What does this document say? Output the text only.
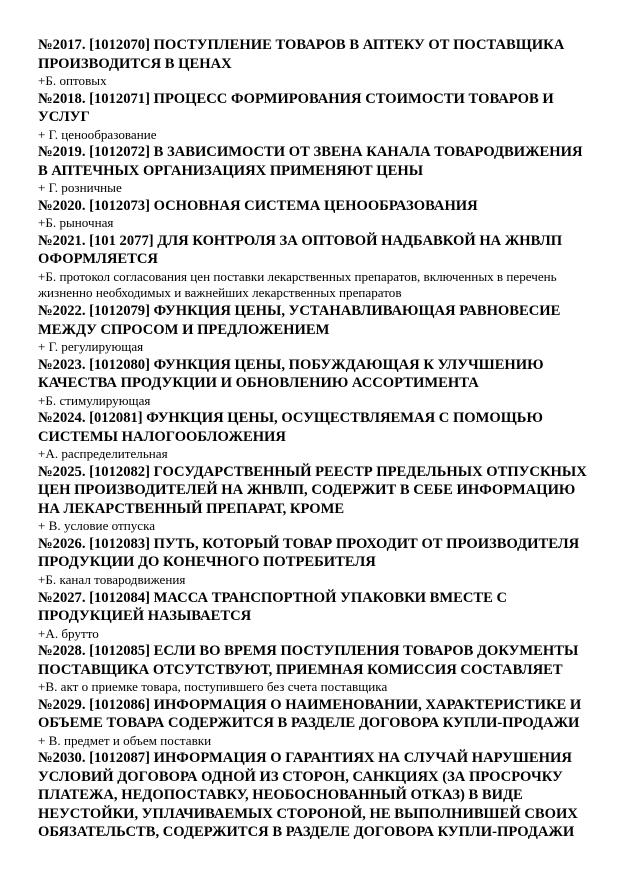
№2017. [1012070] ПОСТУПЛЕНИЕ ТОВАРОВ В АПТЕКУ ОТ ПОСТАВЩИКА ПРОИЗВОДИТСЯ В ЦЕНАХ

+Б. оптовых

№2018. [1012071] ПРОЦЕСС ФОРМИРОВАНИЯ СТОИМОСТИ ТОВАРОВ И УСЛУГ

+ Г. ценообразование

№2019. [1012072] В ЗАВИСИМОСТИ ОТ ЗВЕНА КАНАЛА ТОВАРОДВИЖЕНИЯ В АПТЕЧНЫХ ОРГАНИЗАЦИЯХ ПРИМЕНЯЮТ ЦЕНЫ

+ Г. розничные

№2020. [1012073] ОСНОВНАЯ СИСТЕМА ЦЕНООБРАЗОВАНИЯ

+Б. рыночная

№2021. [101 2077] ДЛЯ КОНТРОЛЯ ЗА ОПТОВОЙ НАДБАВКОЙ НА ЖНВЛП ОФОРМЛЯЕТСЯ

+Б. протокол согласования цен поставки лекарственных препаратов, включенных в перечень жизненно необходимых и важнейших лекарственных препаратов

№2022. [1012079] ФУНКЦИЯ ЦЕНЫ, УСТАНАВЛИВАЮЩАЯ РАВНОВЕСИЕ МЕЖДУ СПРОСОМ И ПРЕДЛОЖЕНИЕМ

+ Г. регулирующая

№2023. [1012080] ФУНКЦИЯ ЦЕНЫ, ПОБУЖДАЮЩАЯ К УЛУЧШЕНИЮ КАЧЕСТВА ПРОДУКЦИИ И ОБНОВЛЕНИЮ АССОРТИМЕНТА

+Б. стимулирующая

№2024. [012081] ФУНКЦИЯ ЦЕНЫ, ОСУЩЕСТВЛЯЕМАЯ С ПОМОЩЬЮ СИСТЕМЫ НАЛОГООБЛОЖЕНИЯ

+А. распределительная

№2025. [1012082] ГОСУДАРСТВЕННЫЙ РЕЕСТР ПРЕДЕЛЬНЫХ ОТПУСКНЫХ ЦЕН ПРОИЗВОДИТЕЛЕЙ НА ЖНВЛП, СОДЕРЖИТ В СЕБЕ ИНФОРМАЦИЮ НА ЛЕКАРСТВЕННЫЙ ПРЕПАРАТ, КРОМЕ

+ В. условие отпуска

№2026. [1012083] ПУТЬ, КОТОРЫЙ ТОВАР ПРОХОДИТ ОТ ПРОИЗВОДИТЕЛЯ ПРОДУКЦИИ ДО КОНЕЧНОГО ПОТРЕБИТЕЛЯ

+Б. канал товародвижения

№2027. [1012084] МАССА ТРАНСПОРТНОЙ УПАКОВКИ ВМЕСТЕ С ПРОДУКЦИЕЙ НАЗЫВАЕТСЯ

+А. брутто

№2028. [1012085] ЕСЛИ ВО ВРЕМЯ ПОСТУПЛЕНИЯ ТОВАРОВ ДОКУМЕНТЫ ПОСТАВЩИКА ОТСУТСТВУЮТ, ПРИЕМНАЯ КОМИССИЯ СОСТАВЛЯЕТ

+В. акт о приемке товара, поступившего без счета поставщика

№2029. [1012086] ИНФОРМАЦИЯ О НАИМЕНОВАНИИ, ХАРАКТЕРИСТИКЕ И ОБЪЕМЕ ТОВАРА СОДЕРЖИТСЯ В РАЗДЕЛЕ ДОГОВОРА КУПЛИ-ПРОДАЖИ

+ В. предмет и объем поставки

№2030. [1012087] ИНФОРМАЦИЯ О ГАРАНТИЯХ НА СЛУЧАЙ НАРУШЕНИЯ УСЛОВИЙ ДОГОВОРА ОДНОЙ ИЗ СТОРОН, САНКЦИЯХ (ЗА ПРОСРОЧКУ ПЛАТЕЖА, НЕДОПОСТАВКУ, НЕОБОСНОВАННЫЙ ОТКАЗ) В ВИДЕ НЕУСТОЙКИ, УПЛАЧИВАЕМЫХ СТОРОНОЙ, НЕ ВЫПОЛНИВШЕЙ СВОИХ ОБЯЗАТЕЛЬСТВ, СОДЕРЖИТСЯ В РАЗДЕЛЕ ДОГОВОРА КУПЛИ-ПРОДАЖИ
